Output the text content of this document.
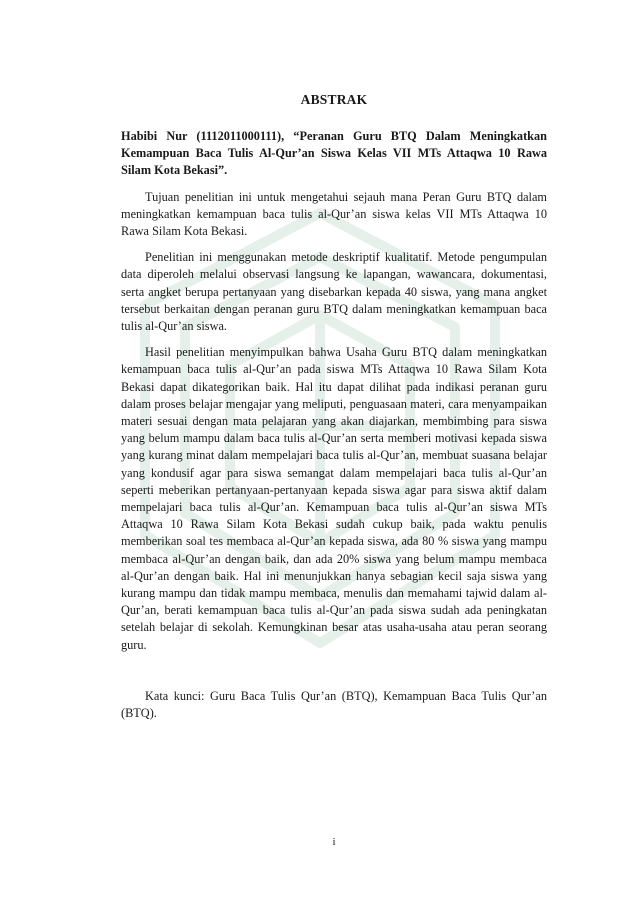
ABSTRAK

Habibi Nur (1112011000111), “Peranan Guru BTQ Dalam Meningkatkan Kemampuan Baca Tulis Al-Qur’an Siswa Kelas VII MTs Attaqwa 10 Rawa Silam Kota Bekasi”.

Tujuan penelitian ini untuk mengetahui sejauh mana Peran Guru BTQ dalam meningkatkan kemampuan baca tulis al-Qur’an siswa kelas VII MTs Attaqwa 10 Rawa Silam Kota Bekasi.

Penelitian ini menggunakan metode deskriptif kualitatif. Metode pengumpulan data diperoleh melalui observasi langsung ke lapangan, wawancara, dokumentasi, serta angket berupa pertanyaan yang disebarkan kepada 40 siswa, yang mana angket tersebut berkaitan dengan peranan guru BTQ dalam meningkatkan kemampuan baca tulis al-Qur’an siswa.

Hasil penelitian menyimpulkan bahwa Usaha Guru BTQ dalam meningkatkan kemampuan baca tulis al-Qur’an pada siswa MTs Attaqwa 10 Rawa Silam Kota Bekasi dapat dikategorikan baik. Hal itu dapat dilihat pada indikasi peranan guru dalam proses belajar mengajar yang meliputi, penguasaan materi, cara menyampaikan materi sesuai dengan mata pelajaran yang akan diajarkan, membimbing para siswa yang belum mampu dalam baca tulis al-Qur’an serta memberi motivasi kepada siswa yang kurang minat dalam mempelajari baca tulis al-Qur’an, membuat suasana belajar yang kondusif agar para siswa semangat dalam mempelajari baca tulis al-Qur’an seperti meberikan pertanyaan-pertanyaan kepada siswa agar para siswa aktif dalam mempelajari baca tulis al-Qur’an. Kemampuan baca tulis al-Qur’an siswa MTs Attaqwa 10 Rawa Silam Kota Bekasi sudah cukup baik, pada waktu penulis memberikan soal tes membaca al-Qur’an kepada siswa, ada 80 % siswa yang mampu membaca al-Qur’an dengan baik, dan ada 20% siswa yang belum mampu membaca al-Qur’an dengan baik. Hal ini menunjukkan hanya sebagian kecil saja siswa yang kurang mampu dan tidak mampu membaca, menulis dan memahami tajwid dalam al-Qur’an, berati kemampuan baca tulis al-Qur’an pada siswa sudah ada peningkatan setelah belajar di sekolah. Kemungkinan besar atas usaha-usaha atau peran seorang guru.

Kata kunci: Guru Baca Tulis Qur’an (BTQ), Kemampuan Baca Tulis Qur’an (BTQ).

i
